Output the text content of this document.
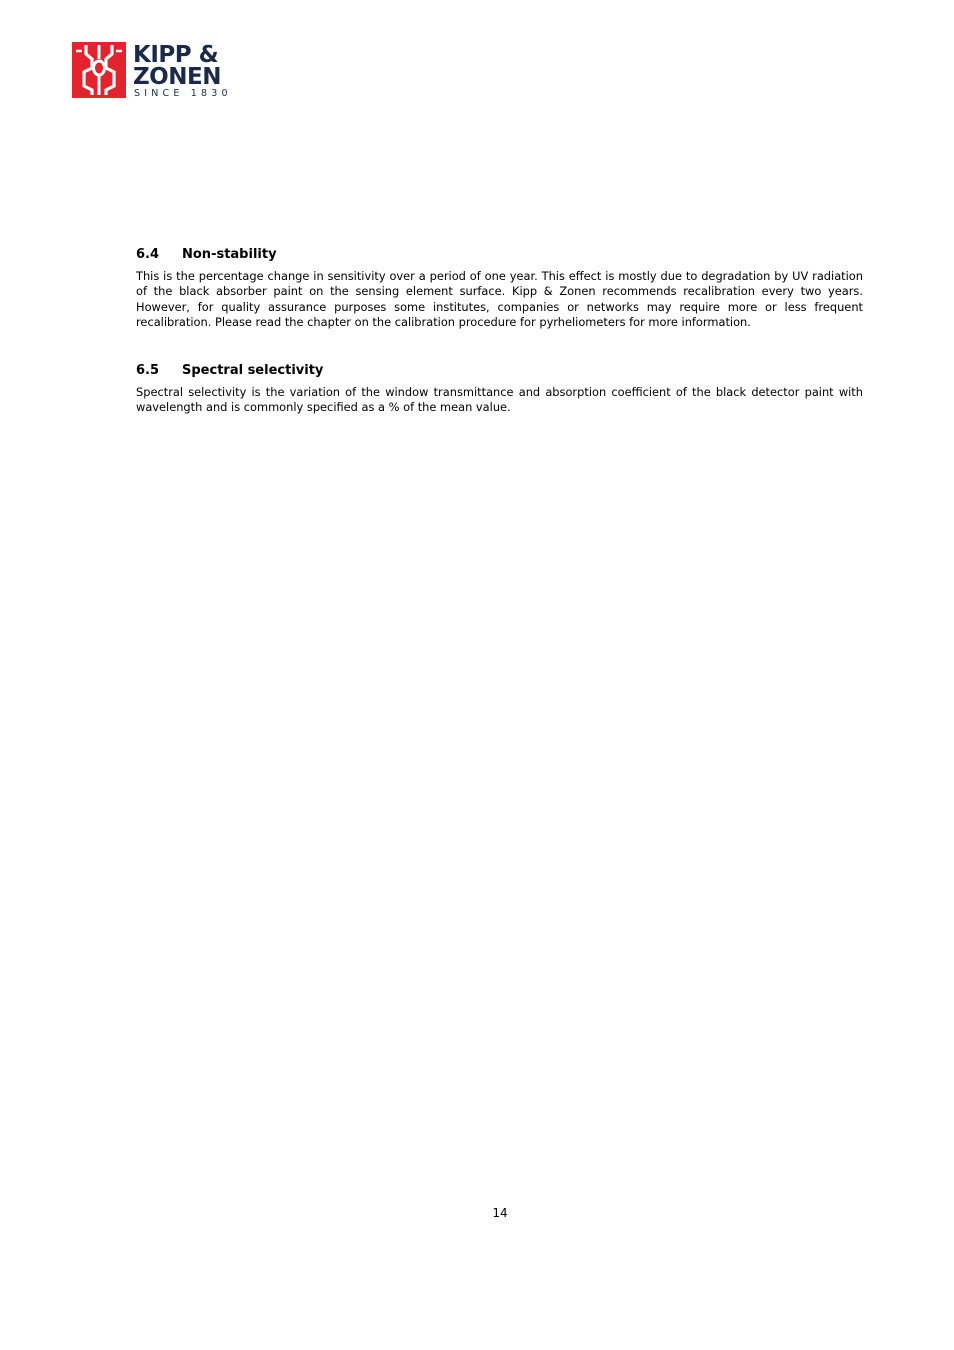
KIPP &
ZONEN
SINCE 1830
6.4 Non-stability

This is the percentage change in sensitivity over a period of one year. This effect is mostly due to degradation by UV radiation of the black absorber paint on the sensing element surface. Kipp & Zonen recommends recalibration every two years. However, for quality assurance purposes some institutes, companies or networks may require more or less frequent recalibration. Please read the chapter on the calibration procedure for pyrheliometers for more information.

6.5 Spectral selectivity

Spectral selectivity is the variation of the window transmittance and absorption coefficient of the black detector paint with wavelength and is commonly specified as a % of the mean value.

14
